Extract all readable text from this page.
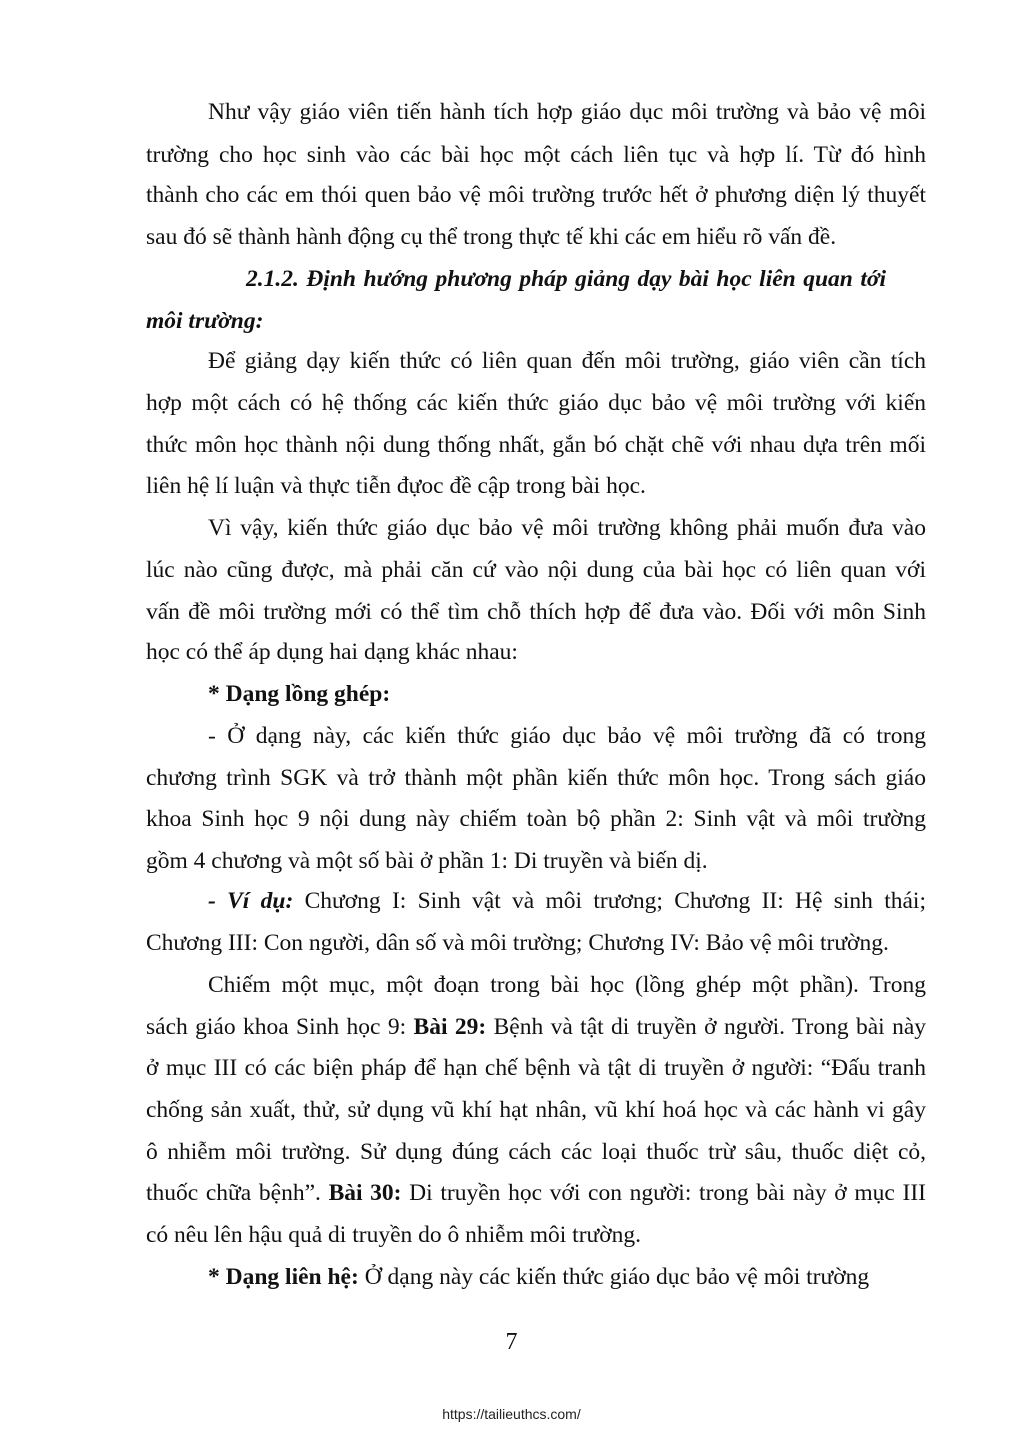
Như vậy giáo viên tiến hành tích hợp giáo dục môi trường và bảo vệ môi
trường cho học sinh vào các bài học một cách liên tục và hợp lí. Từ đó hình
thành cho các em thói quen bảo vệ môi trường trước hết ở phương diện lý thuyết
sau đó sẽ thành hành động cụ thể trong thực tế khi các em hiểu rõ vấn đề.
2.1.2. Định hướng phương pháp giảng dạy bài học liên quan tới
môi trường:
Để giảng dạy kiến thức có liên quan đến môi trường, giáo viên cần tích
hợp một cách có hệ thống các kiến thức giáo dục bảo vệ môi trường với kiến
thức môn học thành nội dung thống nhất, gắn bó chặt chẽ với nhau dựa trên mối
liên hệ lí luận và thực tiễn đựoc đề cập trong bài học.
Vì vậy, kiến thức giáo dục bảo vệ môi trường không phải muốn đưa vào
lúc nào cũng được, mà phải căn cứ vào nội dung của bài học có liên quan với
vấn đề môi trường mới có thể tìm chỗ thích hợp để đưa vào. Đối với môn Sinh
học có thể áp dụng hai dạng khác nhau:
* Dạng lồng ghép:
- Ở dạng này, các kiến thức giáo dục bảo vệ môi trường đã có trong
chương trình SGK và trở thành một phần kiến thức môn học. Trong sách giáo
khoa Sinh học 9 nội dung này chiếm toàn bộ phần 2: Sinh vật và môi trường
gồm 4 chương và một số bài ở phần 1: Di truyền và biến dị.
- Ví dụ: Chương I: Sinh vật và môi trương; Chương II: Hệ sinh thái;
Chương III: Con người, dân số và môi trường; Chương IV: Bảo vệ môi trường.
Chiếm một mục, một đoạn trong bài học (lồng ghép một phần). Trong
sách giáo khoa Sinh học 9: Bài 29: Bệnh và tật di truyền ở người. Trong bài này
ở mục III có các biện pháp để hạn chế bệnh và tật di truyền ở người: “Đấu tranh
chống sản xuất, thử, sử dụng vũ khí hạt nhân, vũ khí hoá học và các hành vi gây
ô nhiễm môi trường. Sử dụng đúng cách các loại thuốc trừ sâu, thuốc diệt cỏ,
thuốc chữa bệnh”. Bài 30: Di truyền học với con người: trong bài này ở mục III
có nêu lên hậu quả di truyền do ô nhiễm môi trường.
* Dạng liên hệ: Ở dạng này các kiến thức giáo dục bảo vệ môi trường
7
https://tailieuthcs.com/
